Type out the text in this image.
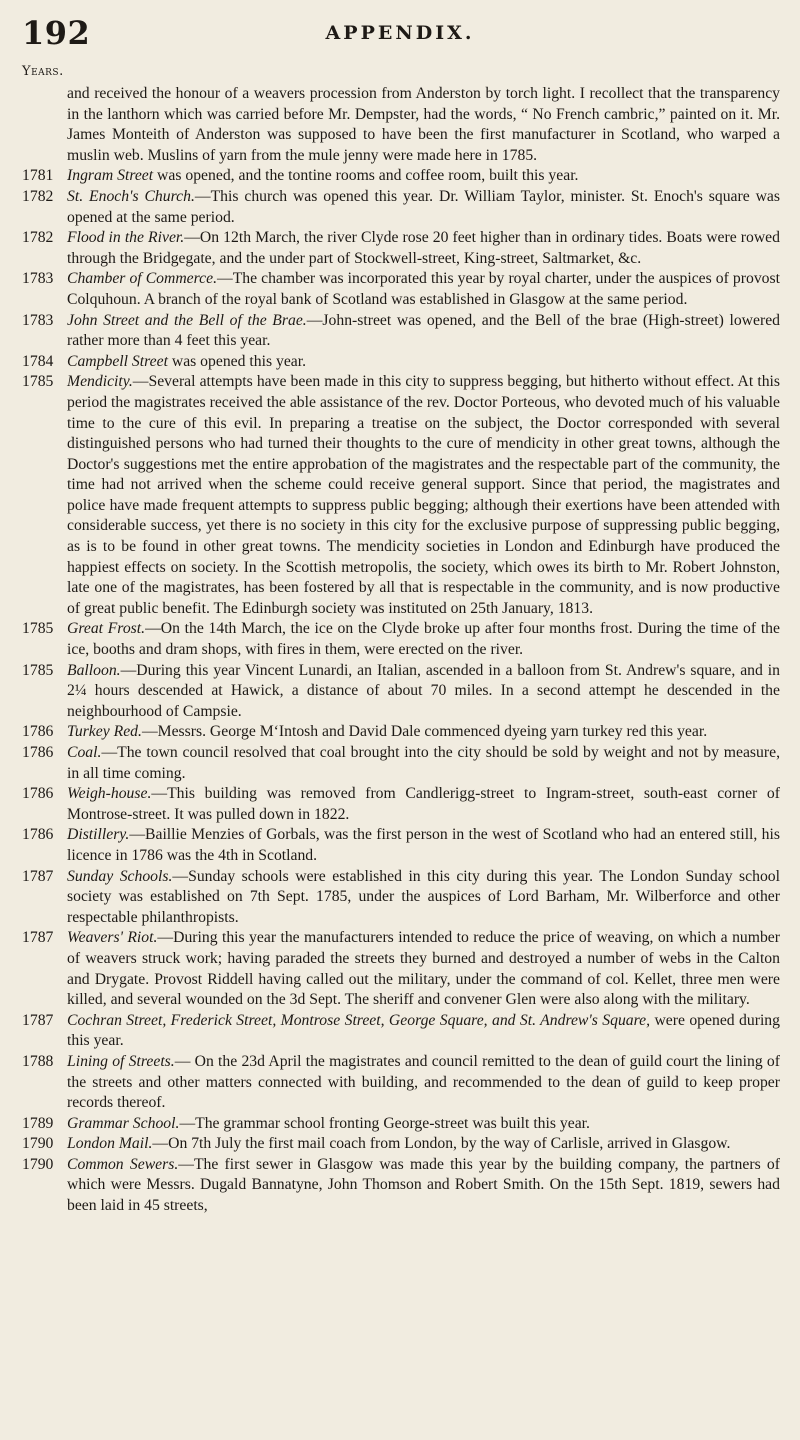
192	APPENDIX.
Years.
and received the honour of a weavers procession from Anderston by torch light. I recollect that the transparency in the lanthorn which was carried before Mr. Dempster, had the words, “ No French cambric,” painted on it. Mr. James Monteith of Anderston was supposed to have been the first manufacturer in Scotland, who warped a muslin web. Muslins of yarn from the mule jenny were made here in 1785.
1781 Ingram Street was opened, and the tontine rooms and coffee room, built this year.
1782 St. Enoch's Church.—This church was opened this year. Dr. William Taylor, minister. St. Enoch's square was opened at the same period.
1782 Flood in the River.—On 12th March, the river Clyde rose 20 feet higher than in ordinary tides. Boats were rowed through the Bridgegate, and the under part of Stockwell-street, King-street, Saltmarket, &c.
1783 Chamber of Commerce.—The chamber was incorporated this year by royal charter, under the auspices of provost Colquhoun. A branch of the royal bank of Scotland was established in Glasgow at the same period.
1783 John Street and the Bell of the Brae.—John-street was opened, and the Bell of the brae (High-street) lowered rather more than 4 feet this year.
1784 Campbell Street was opened this year.
1785 Mendicity.—Several attempts have been made in this city to suppress begging, but hitherto without effect. At this period the magistrates received the able assistance of the rev. Doctor Porteous, who devoted much of his valuable time to the cure of this evil. In preparing a treatise on the subject, the Doctor corresponded with several distinguished persons who had turned their thoughts to the cure of mendicity in other great towns, although the Doctor's suggestions met the entire approbation of the magistrates and the respectable part of the community, the time had not arrived when the scheme could receive general support. Since that period, the magistrates and police have made frequent attempts to suppress public begging; although their exertions have been attended with considerable success, yet there is no society in this city for the exclusive purpose of suppressing public begging, as is to be found in other great towns. The mendicity societies in London and Edinburgh have produced the happiest effects on society. In the Scottish metropolis, the society, which owes its birth to Mr. Robert Johnston, late one of the magistrates, has been fostered by all that is respectable in the community, and is now productive of great public benefit. The Edinburgh society was instituted on 25th January, 1813.
1785 Great Frost.—On the 14th March, the ice on the Clyde broke up after four months frost. During the time of the ice, booths and dram shops, with fires in them, were erected on the river.
1785 Balloon.—During this year Vincent Lunardi, an Italian, ascended in a balloon from St. Andrew's square, and in 2¼ hours descended at Hawick, a distance of about 70 miles. In a second attempt he descended in the neighbourhood of Campsie.
1786 Turkey Red.—Messrs. George M‘Intosh and David Dale commenced dyeing yarn turkey red this year.
1786 Coal.—The town council resolved that coal brought into the city should be sold by weight and not by measure, in all time coming.
1786 Weigh-house.—This building was removed from Candlerigg-street to Ingram-street, south-east corner of Montrose-street. It was pulled down in 1822.
1786 Distillery.—Baillie Menzies of Gorbals, was the first person in the west of Scotland who had an entered still, his licence in 1786 was the 4th in Scotland.
1787 Sunday Schools.—Sunday schools were established in this city during this year. The London Sunday school society was established on 7th Sept. 1785, under the auspices of Lord Barham, Mr. Wilberforce and other respectable philanthropists.
1787 Weavers' Riot.—During this year the manufacturers intended to reduce the price of weaving, on which a number of weavers struck work; having paraded the streets they burned and destroyed a number of webs in the Calton and Drygate. Provost Riddell having called out the military, under the command of col. Kellet, three men were killed, and several wounded on the 3d Sept. The sheriff and convener Glen were also along with the military.
1787 Cochran Street, Frederick Street, Montrose Street, George Square, and St. Andrew's Square, were opened during this year.
1788 Lining of Streets.— On the 23d April the magistrates and council remitted to the dean of guild court the lining of the streets and other matters connected with building, and recommended to the dean of guild to keep proper records thereof.
1789 Grammar School.—The grammar school fronting George-street was built this year.
1790 London Mail.—On 7th July the first mail coach from London, by the way of Carlisle, arrived in Glasgow.
1790 Common Sewers.—The first sewer in Glasgow was made this year by the building company, the partners of which were Messrs. Dugald Bannatyne, John Thomson and Robert Smith. On the 15th Sept. 1819, sewers had been laid in 45 streets,
